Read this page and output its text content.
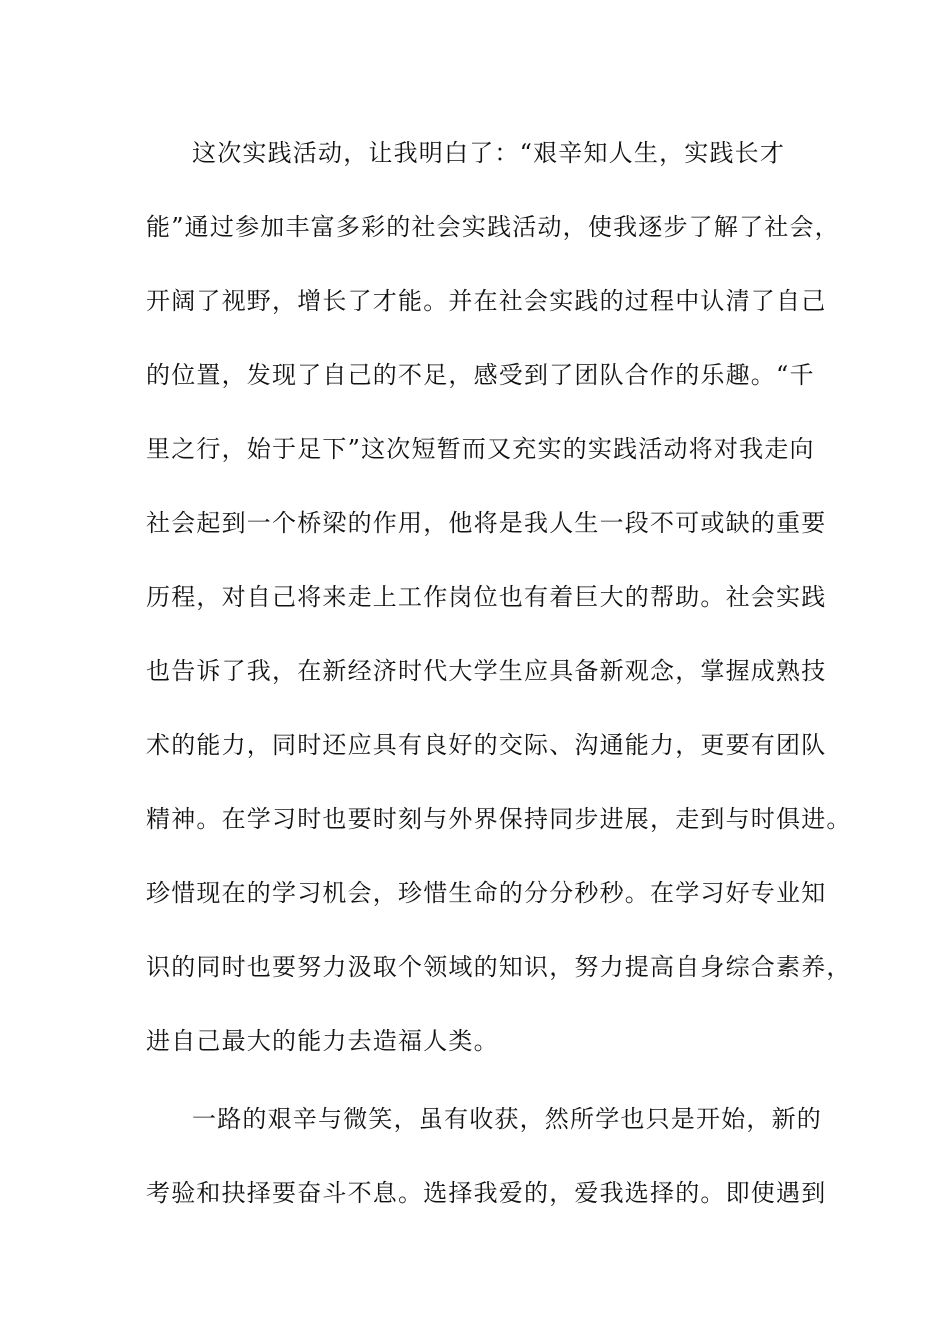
这次实践活动，让我明白了：“艰辛知人生，实践长才
能”通过参加丰富多彩的社会实践活动，使我逐步了解了社会，
开阔了视野，增长了才能。并在社会实践的过程中认清了自己
的位置，发现了自己的不足，感受到了团队合作的乐趣。“千
里之行，始于足下”这次短暂而又充实的实践活动将对我走向
社会起到一个桥梁的作用，他将是我人生一段不可或缺的重要
历程，对自己将来走上工作岗位也有着巨大的帮助。社会实践
也告诉了我，在新经济时代大学生应具备新观念，掌握成熟技
术的能力，同时还应具有良好的交际、沟通能力，更要有团队
精神。在学习时也要时刻与外界保持同步进展，走到与时俱进。
珍惜现在的学习机会，珍惜生命的分分秒秒。在学习好专业知
识的同时也要努力汲取个领域的知识，努力提高自身综合素养，
进自己最大的能力去造福人类。
一路的艰辛与微笑，虽有收获，然所学也只是开始，新的
考验和抉择要奋斗不息。选择我爱的，爱我选择的。即使遇到
